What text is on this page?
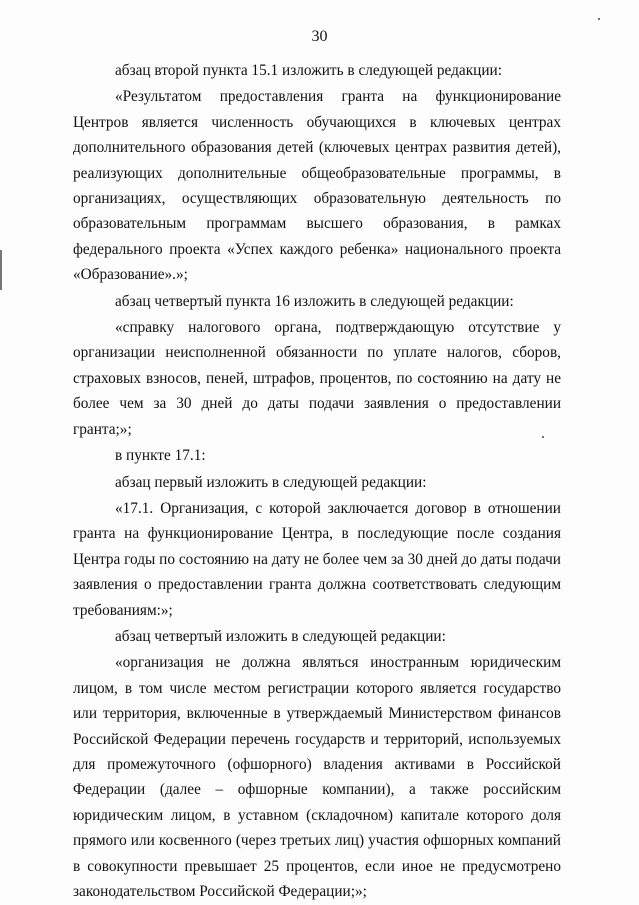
30

абзац второй пункта 15.1 изложить в следующей редакции:

«Результатом предоставления гранта на функционирование Центров является численность обучающихся в ключевых центрах дополнительного образования детей (ключевых центрах развития детей), реализующих дополнительные общеобразовательные программы, в организациях, осуществляющих образовательную деятельность по образовательным программам высшего образования, в рамках федерального проекта «Успех каждого ребенка» национального проекта «Образование».»;

абзац четвертый пункта 16 изложить в следующей редакции:

«справку налогового органа, подтверждающую отсутствие у организации неисполненной обязанности по уплате налогов, сборов, страховых взносов, пеней, штрафов, процентов, по состоянию на дату не более чем за 30 дней до даты подачи заявления о предоставлении гранта;»;

в пункте 17.1:

абзац первый изложить в следующей редакции:

«17.1. Организация, с которой заключается договор в отношении гранта на функционирование Центра, в последующие после создания Центра годы по состоянию на дату не более чем за 30 дней до даты подачи заявления о предоставлении гранта должна соответствовать следующим требованиям:»;

абзац четвертый изложить в следующей редакции:

«организация не должна являться иностранным юридическим лицом, в том числе местом регистрации которого является государство или территория, включенные в утверждаемый Министерством финансов Российской Федерации перечень государств и территорий, используемых для промежуточного (офшорного) владения активами в Российской Федерации (далее – офшорные компании), а также российским юридическим лицом, в уставном (складочном) капитале которого доля прямого или косвенного (через третьих лиц) участия офшорных компаний в совокупности превышает 25 процентов, если иное не предусмотрено законодательством Российской Федерации;»;
